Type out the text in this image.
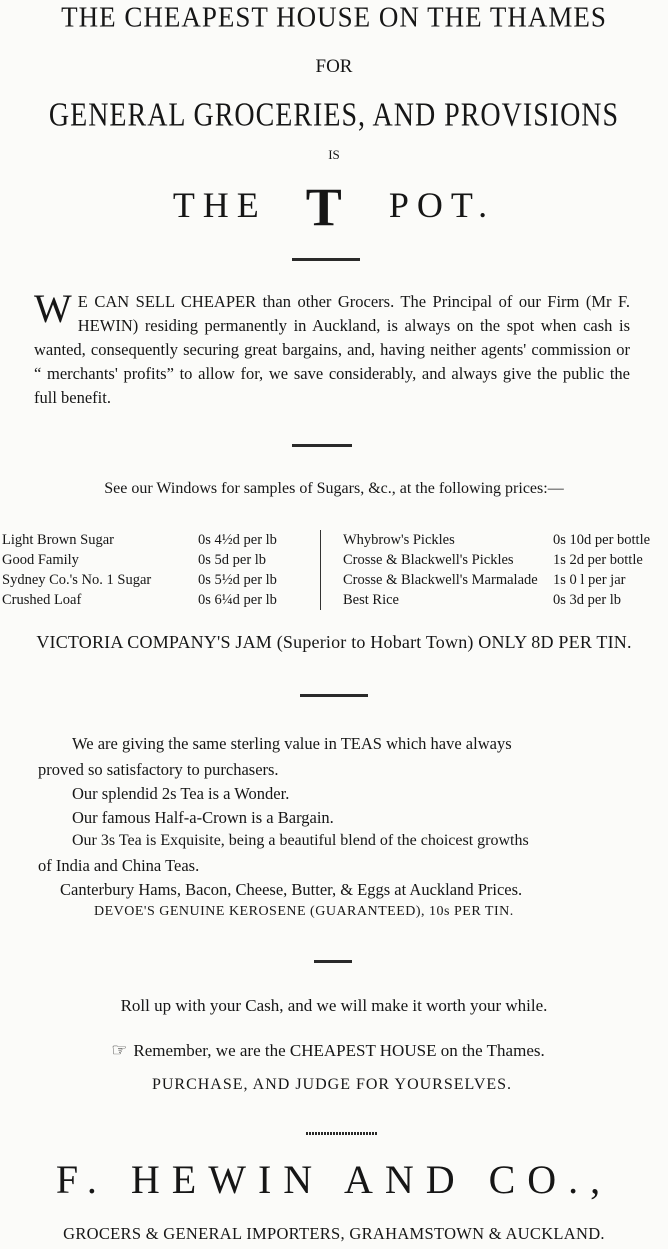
THE CHEAPEST HOUSE ON THE THAMES
FOR
GENERAL GROCERIES, AND PROVISIONS
IS
THE T POT.
W E CAN SELL CHEAPER than other Grocers. The Principal of our Firm (Mr F. HEWIN) residing permanently in Auckland, is always on the spot when cash is wanted, consequently securing great bargains, and, having neither agents' commission or “ merchants' profits” to allow for, we save considerably, and always give the public the full benefit.
See our Windows for samples of Sugars, &c., at the following prices:—
Light Brown Sugar	0s 4½d per lb
Good Family	0s 5d per lb
Sydney Co.'s No. 1 Sugar	0s 5½d per lb
Crushed Loaf	0s 6¼d per lb
Whybrow's Pickles	0s 10d per bottle
Crosse & Blackwell's Pickles	1s 2d per bottle
Crosse & Blackwell's Marmalade 1s 0 l per jar
Best Rice	0s 3d per lb
VICTORIA COMPANY'S JAM (Superior to Hobart Town) ONLY 8D PER TIN.
We are giving the same sterling value in TEAS which have always
proved so satisfactory to purchasers.
Our splendid 2s Tea is a Wonder.
Our famous Half-a-Crown is a Bargain.
Our 3s Tea is Exquisite, being a beautiful blend of the choicest growths
of India and China Teas.
Canterbury Hams, Bacon, Cheese, Butter, & Eggs at Auckland Prices.
DEVOE'S GENUINE KEROSENE (GUARANTEED), 10s PER TIN.
Roll up with your Cash, and we will make it worth your while.
☞ Remember, we are the CHEAPEST HOUSE on the Thames.
PURCHASE, AND JUDGE FOR YOURSELVES.
F. HEWIN AND CO.,
GROCERS & GENERAL IMPORTERS, GRAHAMSTOWN & AUCKLAND.
